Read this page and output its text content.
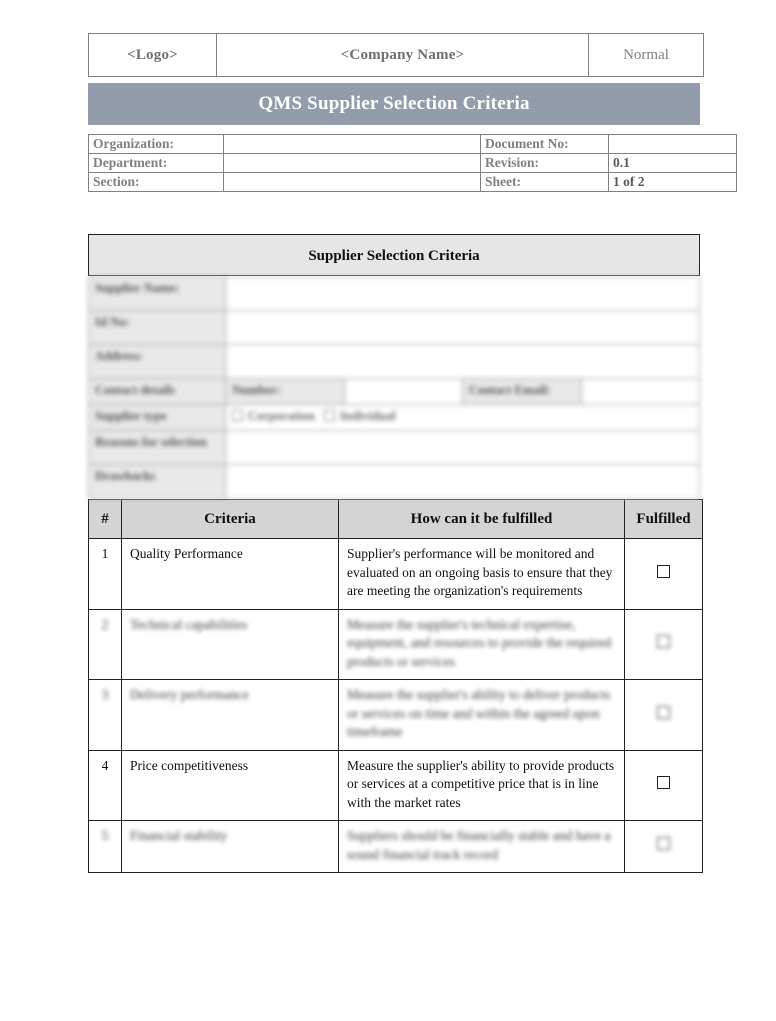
<Logo>	<Company Name>	Normal
QMS Supplier Selection Criteria
Organization:		Document No:	
Department:		Revision:	0.1
Section:		Sheet:	1 of 2
Supplier Selection Criteria
Supplier Name:				
Id No:				
Address:				
Contact details	Number:		Contact Email:	
Supplier type	Corporation Individual			
Reasons for selection				
Drawbacks				
#	Criteria	How can it be fulfilled	Fulfilled
1	Quality Performance	Supplier's performance will be monitored and evaluated on an ongoing basis to ensure that they are meeting the organization's requirements	
2	Technical capabilities	Measure the supplier's technical expertise, equipment, and resources to provide the required products or services	
3	Delivery performance	Measure the supplier's ability to deliver products or services on time and within the agreed upon timeframe	
4	Price competitiveness	Measure the supplier's ability to provide products or services at a competitive price that is in line with the market rates	
5	Financial stability	Suppliers should be financially stable and have a sound financial track record	
